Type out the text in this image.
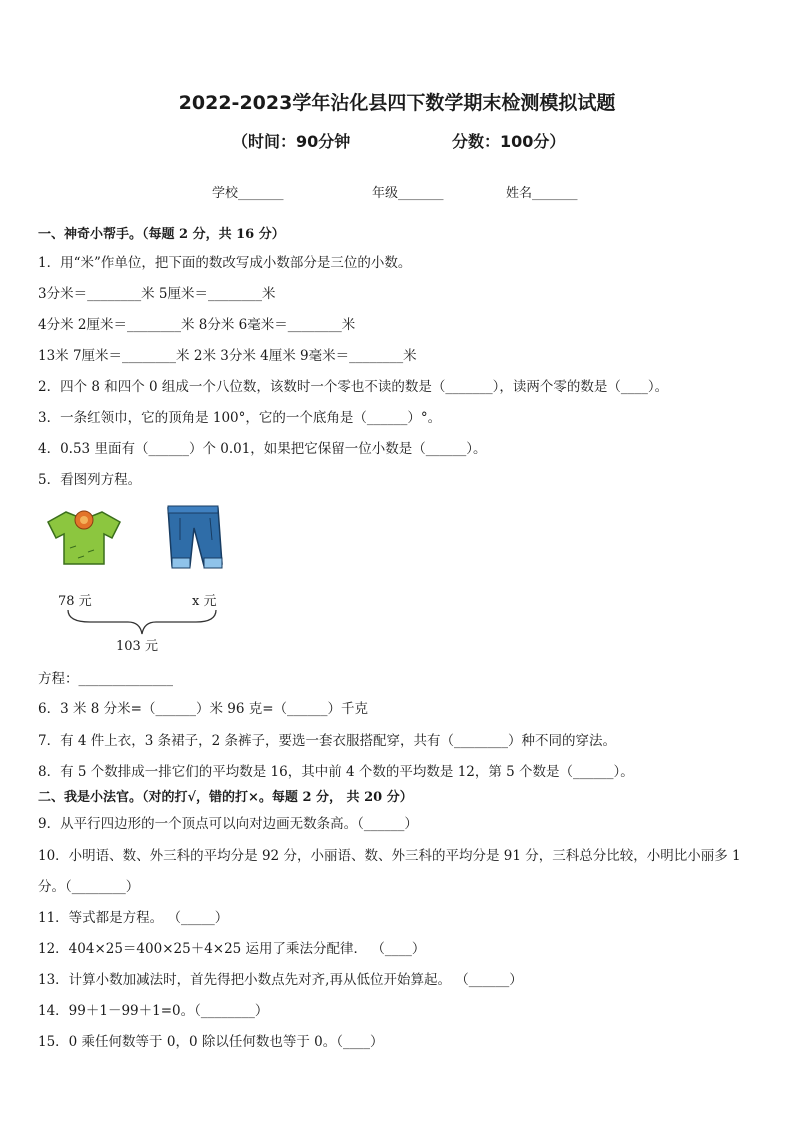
2022-2023学年沾化县四下数学期末检测模拟试题
（时间：90分钟	分数：100分）
学校_______	年级_______	姓名_______
一、神奇小帮手。（每题 2 分，共 16 分）
1．用“米”作单位，把下面的数改写成小数部分是三位的小数。
3分米＝________米 5厘米＝________米
4分米 2厘米＝________米 8分米 6毫米＝________米
13米 7厘米＝________米 2米 3分米 4厘米 9毫米＝________米
2．四个 8 和四个 0 组成一个八位数，该数时一个零也不读的数是（_______），读两个零的数是（____）。
3．一条红领巾，它的顶角是 100°，它的一个底角是（______）°。
4．0.53 里面有（______）个 0.01，如果把它保留一位小数是（______）。
5．看图列方程。
78 元	x 元
103 元
方程：______________
6．3 米 8 分米=（______）米 96 克=（______）千克
7．有 4 件上衣，3 条裙子，2 条裤子，要选一套衣服搭配穿，共有（________）种不同的穿法。
8．有 5 个数排成一排它们的平均数是 16，其中前 4 个数的平均数是 12，第 5 个数是（______）。
二、我是小法官。（对的打√，错的打×。每题 2 分， 共 20 分）
9．从平行四边形的一个顶点可以向对边画无数条高。（______）
10．小明语、数、外三科的平均分是 92 分，小丽语、数、外三科的平均分是 91 分，三科总分比较，小明比小丽多 1
分。（________）
11．等式都是方程。 （_____）
12．404×25＝400×25＋4×25 运用了乘法分配律． （____）
13．计算小数加减法时，首先得把小数点先对齐,再从低位开始算起。 （______）
14．99＋1－99＋1=0。（________）
15．0 乘任何数等于 0，0 除以任何数也等于 0。（____）
